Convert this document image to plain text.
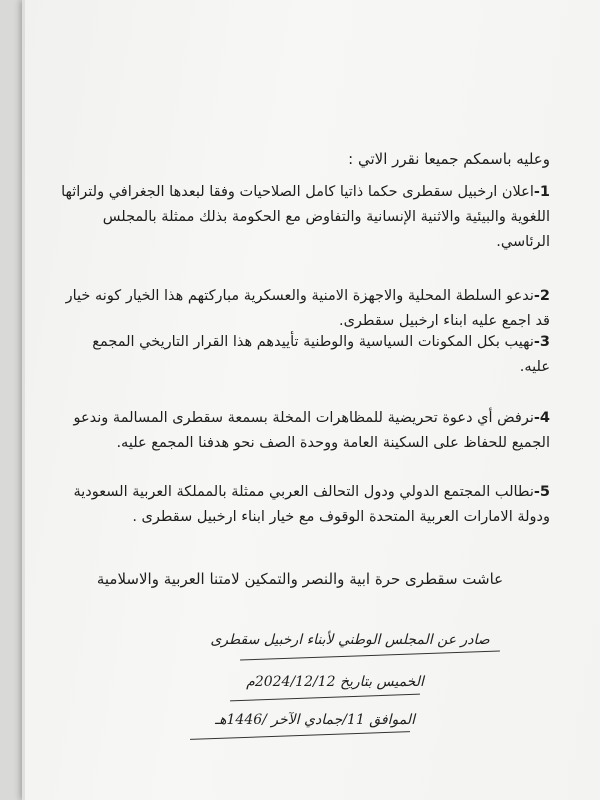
وعليه باسمكم جميعا نقرر الاتي :
1-اعلان ارخبيل سقطرى حكما ذاتيا كامل الصلاحيات وفقا لبعدها الجغرافي ولتراثها اللغوية والبيئية والاثنية الإنسانية والتفاوض مع الحكومة بذلك ممثلة بالمجلس الرئاسي.
2-ندعو السلطة المحلية والاجهزة الامنية والعسكرية مباركتهم هذا الخيار كونه خيار قد اجمع عليه ابناء ارخبيل سقطرى.
3-نهيب بكل المكونات السياسية والوطنية تأييدهم هذا القرار التاريخي المجمع عليه.
4-نرفض أي دعوة تحريضية للمظاهرات المخلة بسمعة سقطرى المسالمة وندعو الجميع للحفاظ على السكينة العامة ووحدة الصف نحو هدفنا المجمع عليه.
5-نطالب المجتمع الدولي ودول التحالف العربي ممثلة بالمملكة العربية السعودية ودولة الامارات العربية المتحدة الوقوف مع خيار ابناء ارخبيل سقطرى .
عاشت سقطرى حرة ابية والنصر والتمكين لامتنا العربية والاسلامية
صادر عن المجلس الوطني لأبناء ارخبيل سقطرى
الخميس بتاريخ 2024/12/12م
الموافق 11/جمادي الآخر /1446هـ
